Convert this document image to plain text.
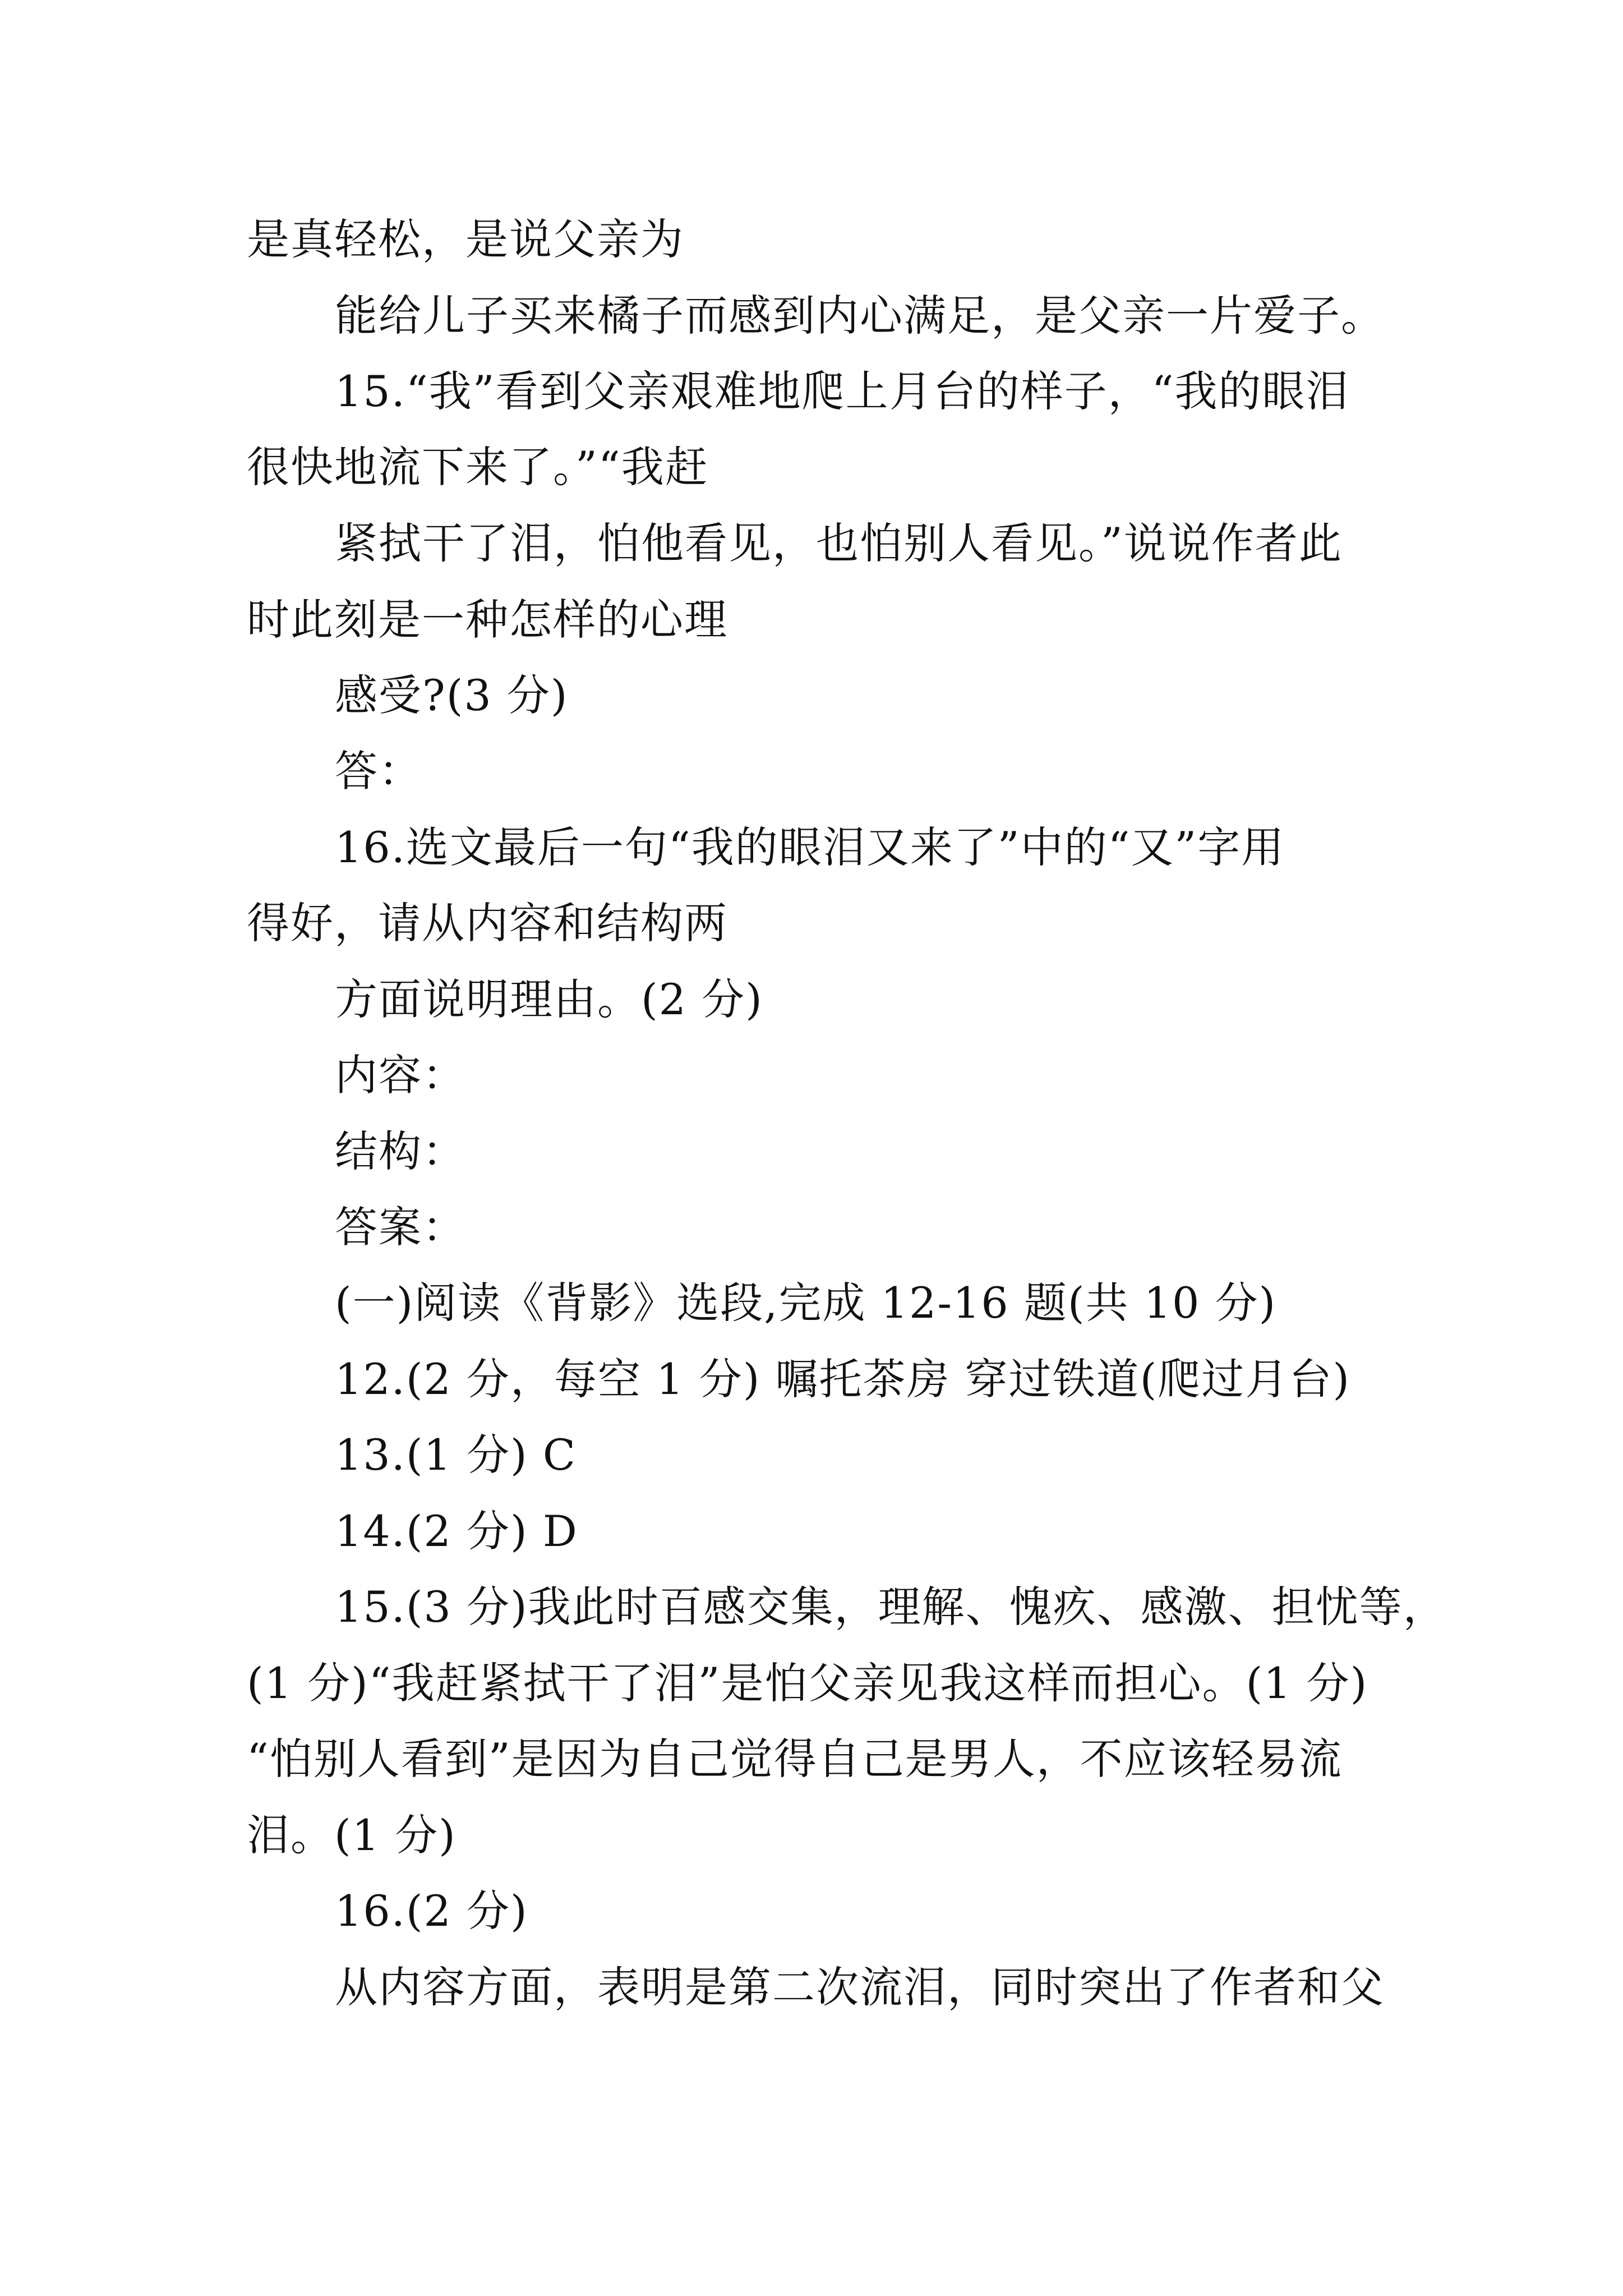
是真轻松，是说父亲为
能给儿子买来橘子而感到内心满足，是父亲一片爱子。
15.“我”看到父亲艰难地爬上月台的样子，“我的眼泪
很快地流下来了。”“我赶
紧拭干了泪，怕他看见，也怕别人看见。”说说作者此
时此刻是一种怎样的心理
感受?(3 分)
答：
16.选文最后一句“我的眼泪又来了”中的“又”字用
得好，请从内容和结构两
方面说明理由。(2 分)
内容：
结构：
答案：
(一)阅读《背影》选段,完成 12-16 题(共 10 分)
12.(2 分，每空 1 分) 嘱托茶房 穿过铁道(爬过月台)
13.(1 分) C
14.(2 分) D
15.(3 分)我此时百感交集，理解、愧疚、感激、担忧等，
(1 分)“我赶紧拭干了泪”是怕父亲见我这样而担心。(1 分)
“怕别人看到”是因为自己觉得自己是男人，不应该轻易流
泪。(1 分)
16.(2 分)
从内容方面，表明是第二次流泪，同时突出了作者和父
